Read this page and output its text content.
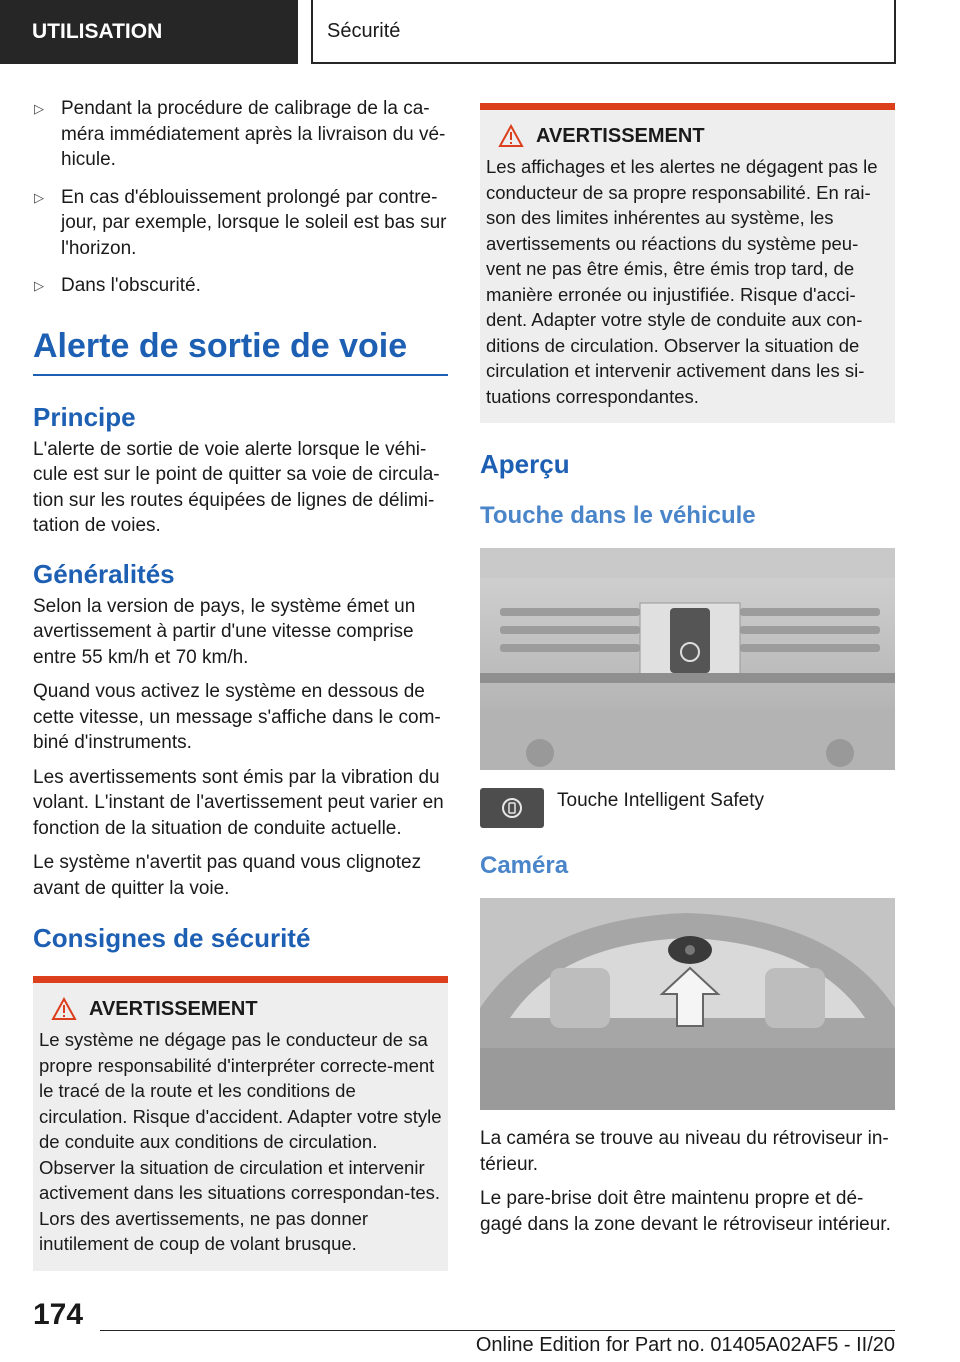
UTILISATION	Sécurité
▷ Pendant la procédure de calibrage de la ca-méra immédiatement après la livraison du vé-hicule.
▷ En cas d'éblouissement prolongé par contre-jour, par exemple, lorsque le soleil est bas sur l'horizon.
▷ Dans l'obscurité.
Alerte de sortie de voie
Principe

L'alerte de sortie de voie alerte lorsque le véhi-cule est sur le point de quitter sa voie de circula-tion sur les routes équipées de lignes de délimi-tation de voies.

Généralités

Selon la version de pays, le système émet un avertissement à partir d'une vitesse comprise entre 55 km/h et 70 km/h.

Quand vous activez le système en dessous de cette vitesse, un message s'affiche dans le com-biné d'instruments.

Les avertissements sont émis par la vibration du volant. L'instant de l'avertissement peut varier en fonction de la situation de conduite actuelle.

Le système n'avertit pas quand vous clignotez avant de quitter la voie.

Consignes de sécurité
AVERTISSEMENT

Le système ne dégage pas le conducteur de sa propre responsabilité d'interpréter correcte-ment le tracé de la route et les conditions de circulation. Risque d'accident. Adapter votre style de conduite aux conditions de circulation. Observer la situation de circulation et intervenir activement dans les situations correspondan-tes. Lors des avertissements, ne pas donner inutilement de coup de volant brusque.

AVERTISSEMENT

Les affichages et les alertes ne dégagent pas le conducteur de sa propre responsabilité. En rai-son des limites inhérentes au système, les avertissements ou réactions du système peu-vent ne pas être émis, être émis trop tard, de manière erronée ou injustifiée. Risque d'acci-dent. Adapter votre style de conduite aux con-ditions de circulation. Observer la situation de circulation et intervenir activement dans les si-tuations correspondantes.

Aperçu
Touche dans le véhicule

Touche Intelligent Safety

Caméra

La caméra se trouve au niveau du rétroviseur in-térieur.

Le pare-brise doit être maintenu propre et dé-gagé dans la zone devant le rétroviseur intérieur.

174
Online Edition for Part no. 01405A02AF5 - II/20
